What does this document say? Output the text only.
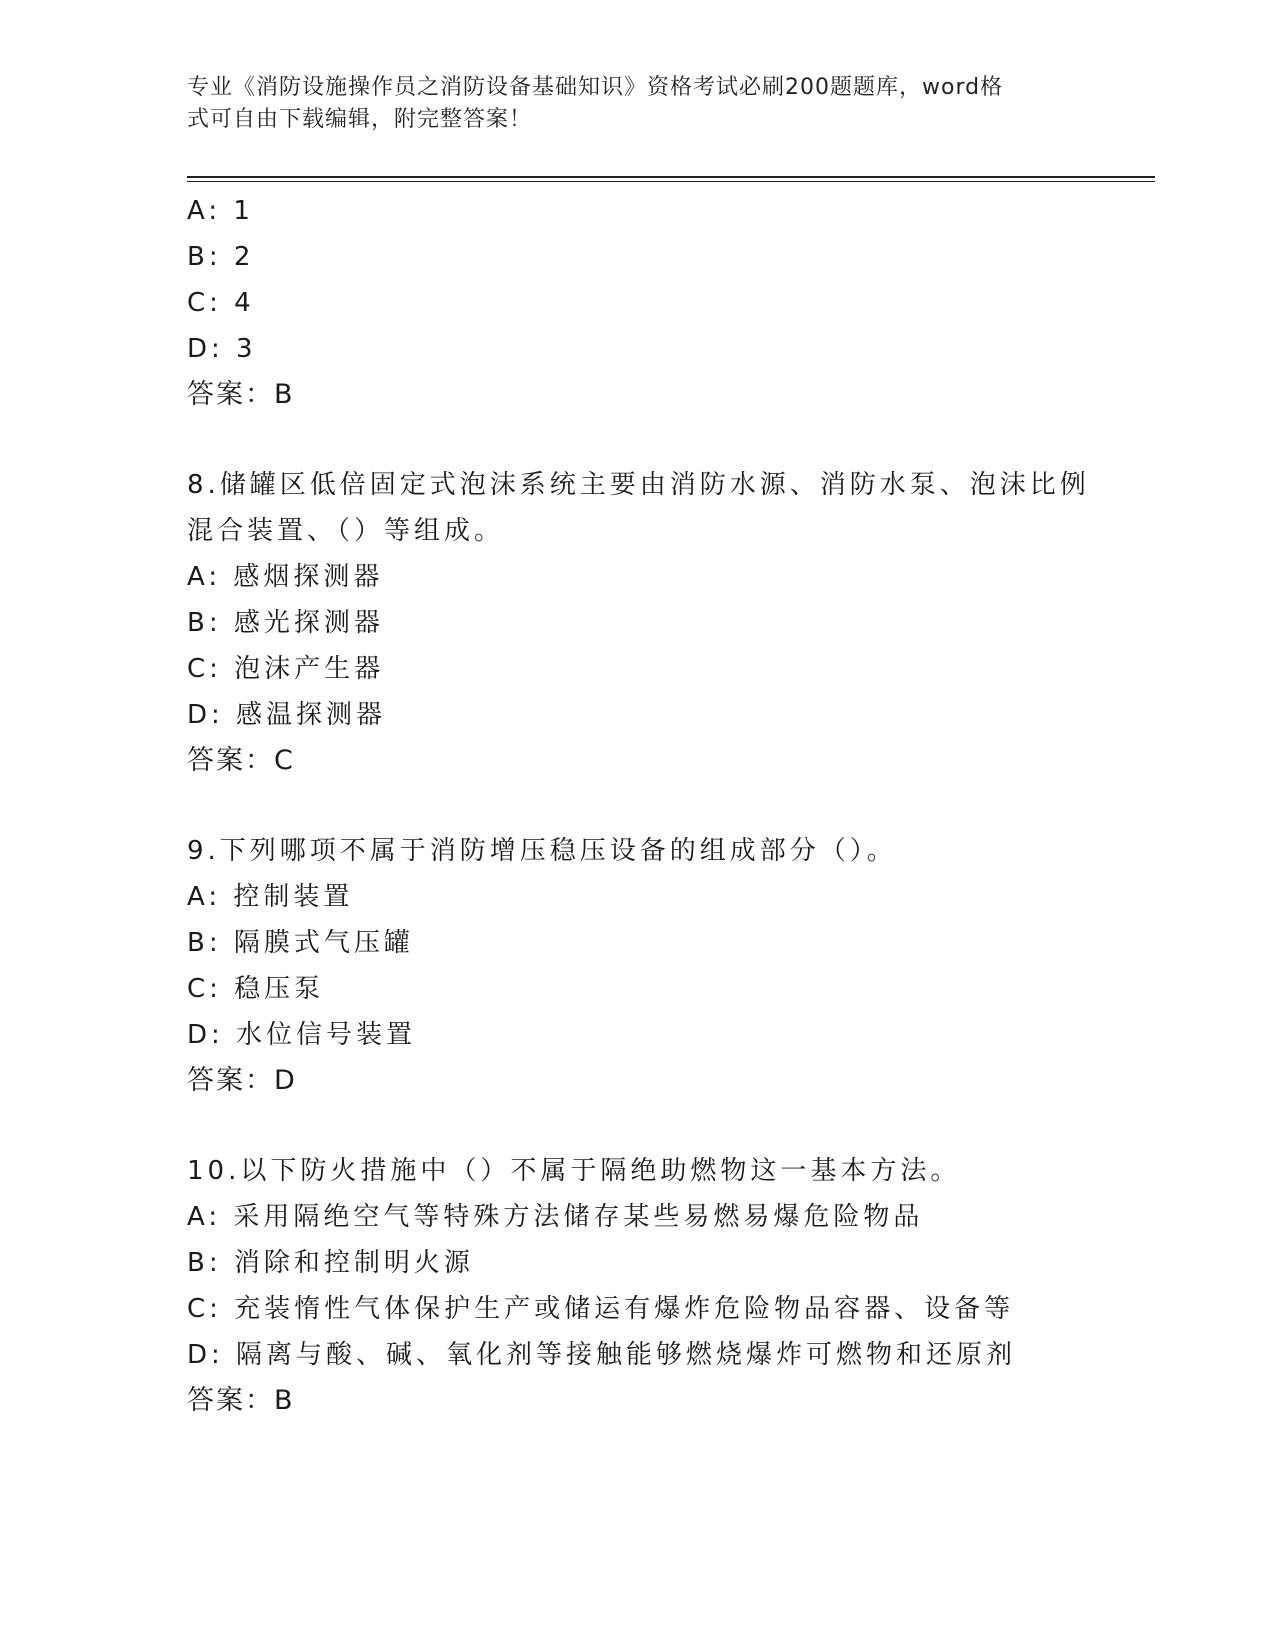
专业《消防设施操作员之消防设备基础知识》资格考试必刷200题题库，word格
式可自由下载编辑，附完整答案！
A: 1
B: 2
C: 4
D: 3
答案：B
8.储罐区低倍固定式泡沫系统主要由消防水源、消防水泵、泡沫比例
混合装置、（）等组成。
A: 感烟探测器
B: 感光探测器
C: 泡沫产生器
D: 感温探测器
答案：C
9.下列哪项不属于消防增压稳压设备的组成部分（）。
A: 控制装置
B: 隔膜式气压罐
C: 稳压泵
D: 水位信号装置
答案：D
10.以下防火措施中（）不属于隔绝助燃物这一基本方法。
A: 采用隔绝空气等特殊方法储存某些易燃易爆危险物品
B: 消除和控制明火源
C: 充装惰性气体保护生产或储运有爆炸危险物品容器、设备等
D: 隔离与酸、碱、氧化剂等接触能够燃烧爆炸可燃物和还原剂
答案：B
